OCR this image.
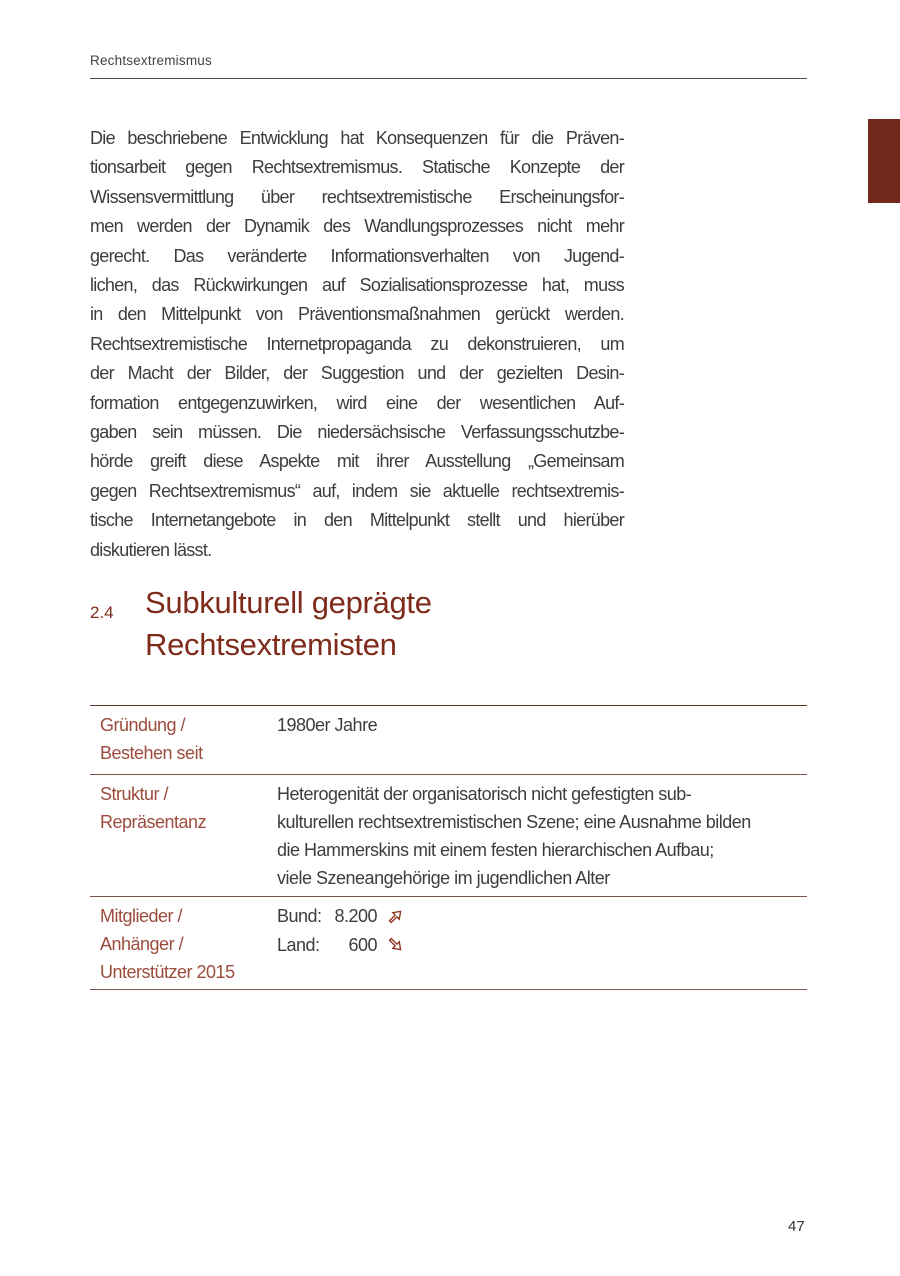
Rechtsextremismus
Die beschriebene Entwicklung hat Konsequenzen für die Präven-
tionsarbeit gegen Rechtsextremismus. Statische Konzepte der
Wissensvermittlung über rechtsextremistische Erscheinungsfor-
men werden der Dynamik des Wandlungsprozesses nicht mehr
gerecht. Das veränderte Informationsverhalten von Jugend-
lichen, das Rückwirkungen auf Sozialisationsprozesse hat, muss
in den Mittelpunkt von Präventionsmaßnahmen gerückt werden.
Rechtsextremistische Internetpropaganda zu dekonstruieren, um
der Macht der Bilder, der Suggestion und der gezielten Desin-
formation entgegenzuwirken, wird eine der wesentlichen Auf-
gaben sein müssen. Die niedersächsische Verfassungsschutzbe-
hörde greift diese Aspekte mit ihrer Ausstellung „Gemeinsam
gegen Rechtsextremismus“ auf, indem sie aktuelle rechtsextremis-
tische Internetangebote in den Mittelpunkt stellt und hierüber
diskutieren lässt.
2.4 Subkulturell geprägte
Rechtsextremisten
Gründung /
Bestehen seit
1980er Jahre
Struktur /
Repräsentanz
Heterogenität der organisatorisch nicht gefestigten sub-
kulturellen rechtsextremistischen Szene; eine Ausnahme bilden
die Hammerskins mit einem festen hierarchischen Aufbau;
viele Szeneangehörige im jugendlichen Alter
Mitglieder /
Anhänger /
Unterstützer 2015
Bund: 8.200
Land:	600
47
